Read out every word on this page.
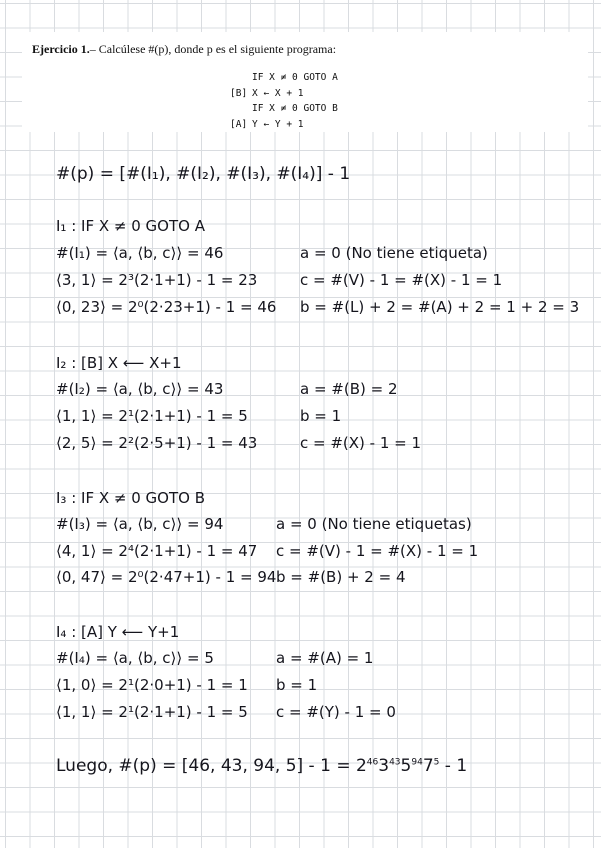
Ejercicio 1.– Calcúlese #(p), donde p es el siguiente programa:
IF X ≠ 0 GOTO A
[B] X ← X + 1
IF X ≠ 0 GOTO B
[A] Y ← Y + 1
#(p) = [#(I₁), #(I₂), #(I₃), #(I₄)] - 1
I₁ : IF X ≠ 0 GOTO A
#(I₁) = ⟨a, ⟨b, c⟩⟩ = 46	a = 0 (No tiene etiqueta)
⟨3, 1⟩ = 2³(2·1+1) - 1 = 23	c = #(V) - 1 = #(X) - 1 = 1
⟨0, 23⟩ = 2⁰(2·23+1) - 1 = 46 b = #(L) + 2 = #(A) + 2 = 1 + 2 = 3
I₂ : [B] X ⟵ X+1
#(I₂) = ⟨a, ⟨b, c⟩⟩ = 43	a = #(B) = 2
⟨1, 1⟩ = 2¹(2·1+1) - 1 = 5	b = 1
⟨2, 5⟩ = 2²(2·5+1) - 1 = 43	c = #(X) - 1 = 1
I₃ : IF X ≠ 0 GOTO B
#(I₃) = ⟨a, ⟨b, c⟩⟩ = 94	a = 0 (No tiene etiquetas)
⟨4, 1⟩ = 2⁴(2·1+1) - 1 = 47 c = #(V) - 1 = #(X) - 1 = 1
⟨0, 47⟩ = 2⁰(2·47+1) - 1 = 94 b = #(B) + 2 = 4
I₄ : [A] Y ⟵ Y+1
#(I₄) = ⟨a, ⟨b, c⟩⟩ = 5	a = #(A) = 1
⟨1, 0⟩ = 2¹(2·0+1) - 1 = 1 b = 1
⟨1, 1⟩ = 2¹(2·1+1) - 1 = 5 c = #(Y) - 1 = 0
Luego, #(p) = [46, 43, 94, $5] - 1 = 2^{46}3^{43}5^{94}7^5 - 1$
